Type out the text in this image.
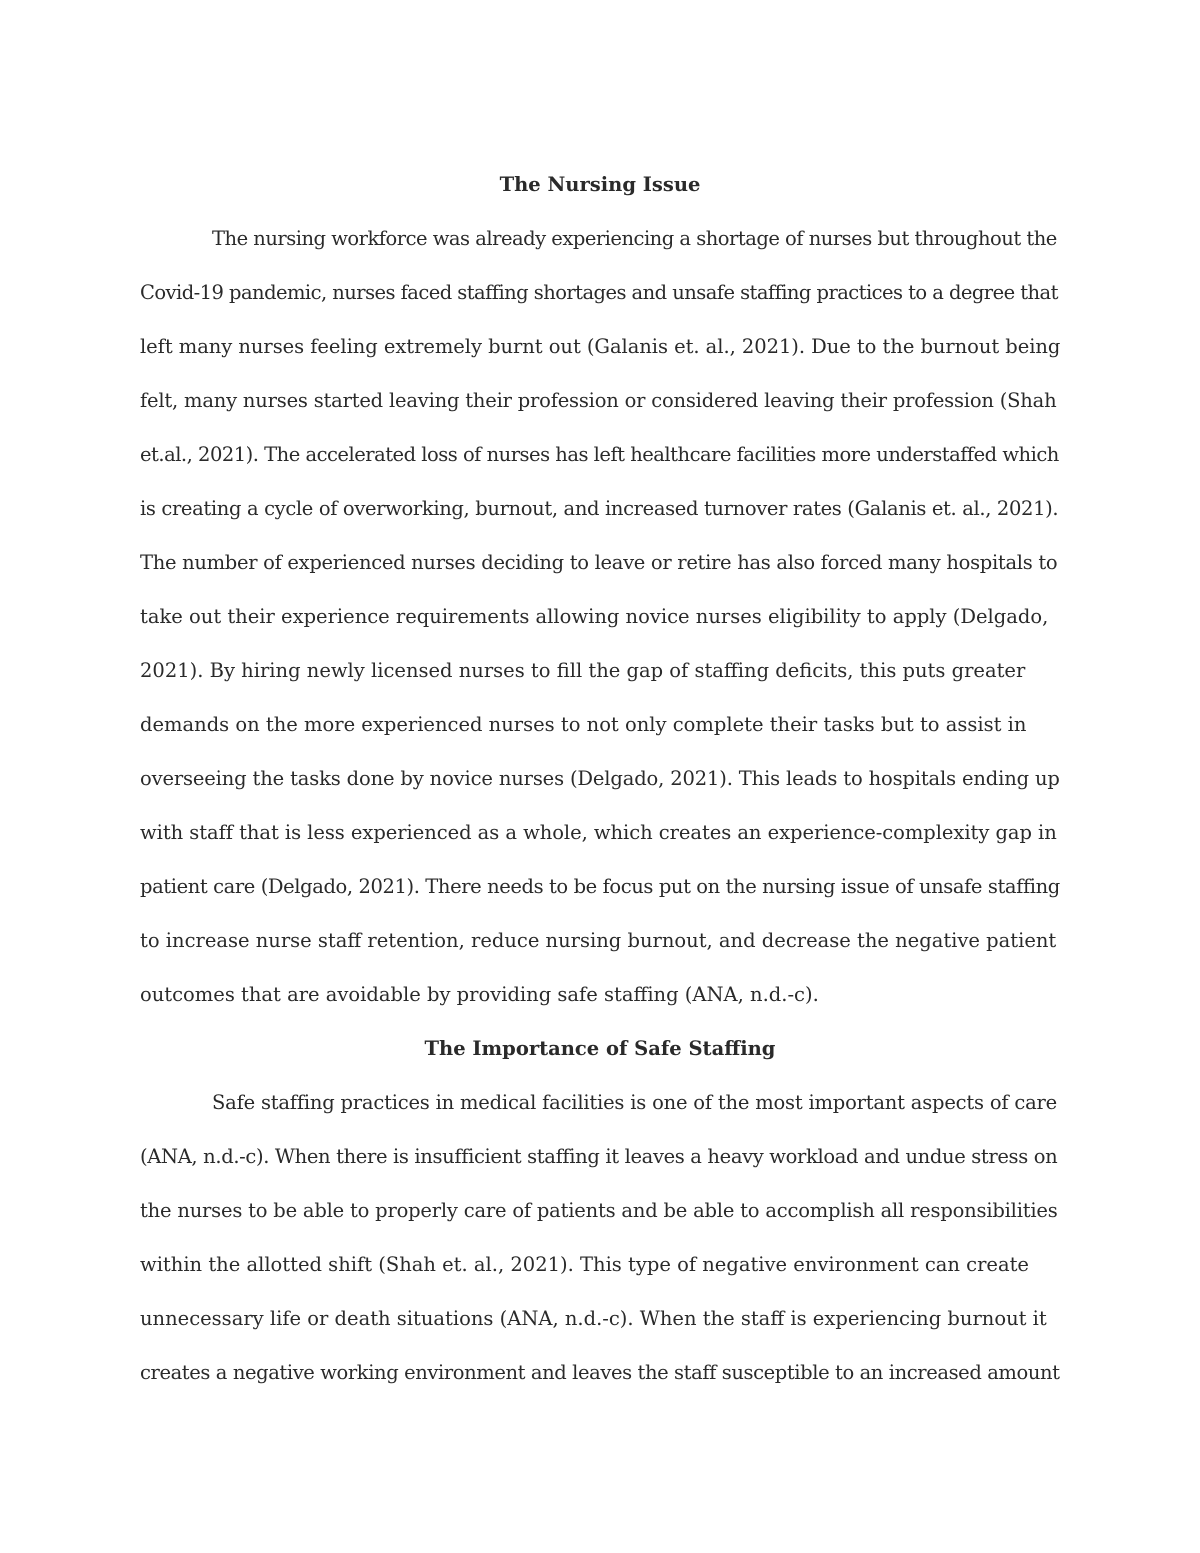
The Nursing Issue
The nursing workforce was already experiencing a shortage of nurses but throughout the
Covid-19 pandemic, nurses faced staffing shortages and unsafe staffing practices to a degree that
left many nurses feeling extremely burnt out (Galanis et. al., 2021). Due to the burnout being
felt, many nurses started leaving their profession or considered leaving their profession (Shah
et.al., 2021). The accelerated loss of nurses has left healthcare facilities more understaffed which
is creating a cycle of overworking, burnout, and increased turnover rates (Galanis et. al., 2021).
The number of experienced nurses deciding to leave or retire has also forced many hospitals to
take out their experience requirements allowing novice nurses eligibility to apply (Delgado,
2021). By hiring newly licensed nurses to fill the gap of staffing deficits, this puts greater
demands on the more experienced nurses to not only complete their tasks but to assist in
overseeing the tasks done by novice nurses (Delgado, 2021). This leads to hospitals ending up
with staff that is less experienced as a whole, which creates an experience-complexity gap in
patient care (Delgado, 2021). There needs to be focus put on the nursing issue of unsafe staffing
to increase nurse staff retention, reduce nursing burnout, and decrease the negative patient
outcomes that are avoidable by providing safe staffing (ANA, n.d.-c).
The Importance of Safe Staffing
Safe staffing practices in medical facilities is one of the most important aspects of care
(ANA, n.d.-c). When there is insufficient staffing it leaves a heavy workload and undue stress on
the nurses to be able to properly care of patients and be able to accomplish all responsibilities
within the allotted shift (Shah et. al., 2021). This type of negative environment can create
unnecessary life or death situations (ANA, n.d.-c). When the staff is experiencing burnout it
creates a negative working environment and leaves the staff susceptible to an increased amount
